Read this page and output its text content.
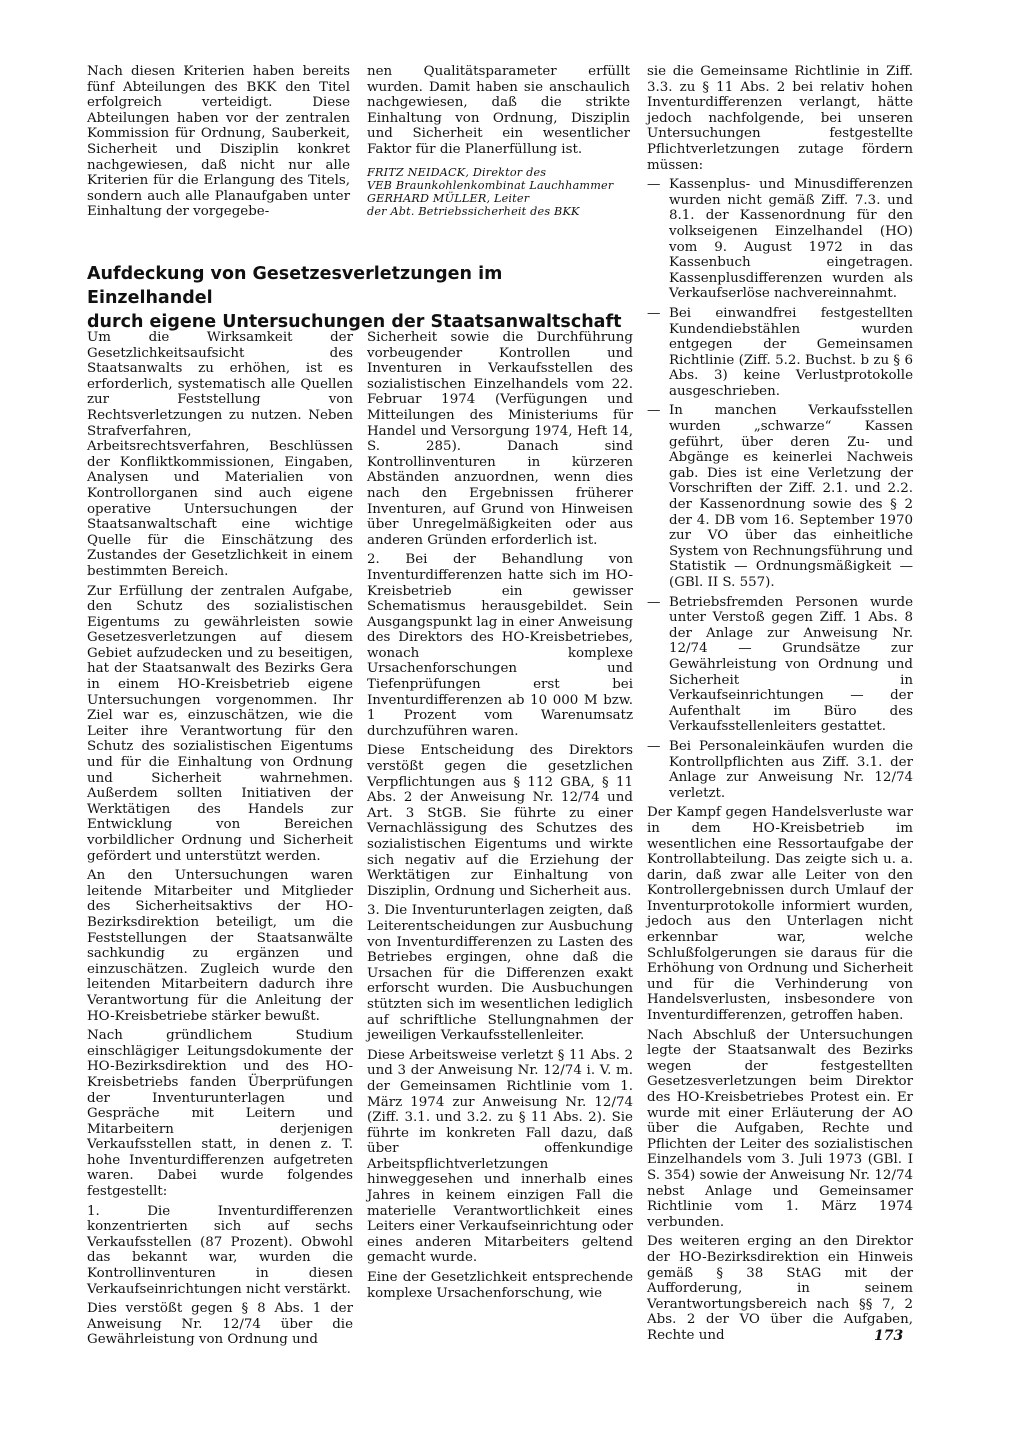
Nach diesen Kriterien haben bereits fünf Abteilungen des BKK den Titel erfolgreich verteidigt. Diese Abteilungen haben vor der zentralen Kommission für Ordnung, Sauberkeit, Sicherheit und Disziplin konkret nachgewiesen, daß nicht nur alle Kriterien für die Erlangung des Titels, sondern auch alle Planaufgaben unter Einhaltung der vorgegebe-

nen Qualitätsparameter erfüllt wurden. Damit haben sie anschaulich nachgewiesen, daß die strikte Einhaltung von Ordnung, Disziplin und Sicherheit ein wesentlicher Faktor für die Planerfüllung ist.

FRITZ NEIDACK, Direktor des
VEB Braunkohlenkombinat Lauchhammer
GERHARD MÜLLER, Leiter
der Abt. Betriebssicherheit des BKK
Aufdeckung von Gesetzesverletzungen im Einzelhandel
durch eigene Untersuchungen der Staatsanwaltschaft

Um die Wirksamkeit der Gesetzlichkeitsaufsicht des Staatsanwalts zu erhöhen, ist es erforderlich, systematisch alle Quellen zur Feststellung von Rechtsverletzungen zu nutzen. Neben Strafverfahren, Arbeitsrechtsverfahren, Beschlüssen der Konfliktkommissionen, Eingaben, Analysen und Materialien von Kontrollorganen sind auch eigene operative Untersuchungen der Staatsanwaltschaft eine wichtige Quelle für die Einschätzung des Zustandes der Gesetzlichkeit in einem bestimmten Bereich.

Zur Erfüllung der zentralen Aufgabe, den Schutz des sozialistischen Eigentums zu gewährleisten sowie Gesetzesverletzungen auf diesem Gebiet aufzudecken und zu beseitigen, hat der Staatsanwalt des Bezirks Gera in einem HO-Kreisbetrieb eigene Untersuchungen vorgenommen. Ihr Ziel war es, einzuschätzen, wie die Leiter ihre Verantwortung für den Schutz des sozialistischen Eigentums und für die Einhaltung von Ordnung und Sicherheit wahrnehmen. Außerdem sollten Initiativen der Werktätigen des Handels zur Entwicklung von Bereichen vorbildlicher Ordnung und Sicherheit gefördert und unterstützt werden.

An den Untersuchungen waren leitende Mitarbeiter und Mitglieder des Sicherheitsaktivs der HO-Bezirksdirektion beteiligt, um die Feststellungen der Staatsanwälte sachkundig zu ergänzen und einzuschätzen. Zugleich wurde den leitenden Mitarbeitern dadurch ihre Verantwortung für die Anleitung der HO-Kreisbetriebe stärker bewußt.

Nach gründlichem Studium einschlägiger Leitungsdokumente der HO-Bezirksdirektion und des HO-Kreisbetriebs fanden Überprüfungen der Inventurunterlagen und Gespräche mit Leitern und Mitarbeitern derjenigen Verkaufsstellen statt, in denen z. T. hohe Inventurdifferenzen aufgetreten waren. Dabei wurde folgendes festgestellt:

1. Die Inventurdifferenzen konzentrierten sich auf sechs Verkaufsstellen (87 Prozent). Obwohl das bekannt war, wurden die Kontrollinventuren in diesen Verkaufseinrichtungen nicht verstärkt.

Dies verstößt gegen § 8 Abs. 1 der Anweisung Nr. 12/74 über die Gewährleistung von Ordnung und

Sicherheit sowie die Durchführung vorbeugender Kontrollen und Inventuren in Verkaufsstellen des sozialistischen Einzelhandels vom 22. Februar 1974 (Verfügungen und Mitteilungen des Ministeriums für Handel und Versorgung 1974, Heft 14, S. 285). Danach sind Kontrollinventuren in kürzeren Abständen anzuordnen, wenn dies nach den Ergebnissen früherer Inventuren, auf Grund von Hinweisen über Unregelmäßigkeiten oder aus anderen Gründen erforderlich ist.

2. Bei der Behandlung von Inventurdifferenzen hatte sich im HO-Kreisbetrieb ein gewisser Schematismus herausgebildet. Sein Ausgangspunkt lag in einer Anweisung des Direktors des HO-Kreisbetriebes, wonach komplexe Ursachenforschungen und Tiefenprüfungen erst bei Inventurdifferenzen ab 10 000 M bzw. 1 Prozent vom Warenumsatz durchzuführen waren.

Diese Entscheidung des Direktors verstößt gegen die gesetzlichen Verpflichtungen aus § 112 GBA, § 11 Abs. 2 der Anweisung Nr. 12/74 und Art. 3 StGB. Sie führte zu einer Vernachlässigung des Schutzes des sozialistischen Eigentums und wirkte sich negativ auf die Erziehung der Werktätigen zur Einhaltung von Disziplin, Ordnung und Sicherheit aus.

3. Die Inventurunterlagen zeigten, daß Leiterentscheidungen zur Ausbuchung von Inventurdifferenzen zu Lasten des Betriebes ergingen, ohne daß die Ursachen für die Differenzen exakt erforscht wurden. Die Ausbuchungen stützten sich im wesentlichen lediglich auf schriftliche Stellungnahmen der jeweiligen Verkaufsstellenleiter.

Diese Arbeitsweise verletzt § 11 Abs. 2 und 3 der Anweisung Nr. 12/74 i. V. m. der Gemeinsamen Richtlinie vom 1. März 1974 zur Anweisung Nr. 12/74 (Ziff. 3.1. und 3.2. zu § 11 Abs. 2). Sie führte im konkreten Fall dazu, daß über offenkundige Arbeitspflichtverletzungen hinweggesehen und innerhalb eines Jahres in keinem einzigen Fall die materielle Verantwortlichkeit eines Leiters einer Verkaufseinrichtung oder eines anderen Mitarbeiters geltend gemacht wurde.

Eine der Gesetzlichkeit entsprechende komplexe Ursachenforschung, wie

sie die Gemeinsame Richtlinie in Ziff. 3.3. zu § 11 Abs. 2 bei relativ hohen Inventurdifferenzen verlangt, hätte jedoch nachfolgende, bei unseren Untersuchungen festgestellte Pflichtverletzungen zutage fördern müssen:

— Kassenplus- und Minusdifferenzen wurden nicht gemäß Ziff. 7.3. und 8.1. der Kassenordnung für den volkseigenen Einzelhandel (HO) vom 9. August 1972 in das Kassenbuch eingetragen. Kassenplusdifferenzen wurden als Verkaufserlöse nachvereinnahmt.
— Bei einwandfrei festgestellten Kundendiebstählen wurden entgegen der Gemeinsamen Richtlinie (Ziff. 5.2. Buchst. b zu § 6 Abs. 3) keine Verlustprotokolle ausgeschrieben.
— In manchen Verkaufsstellen wurden „schwarze“ Kassen geführt, über deren Zu- und Abgänge es keinerlei Nachweis gab. Dies ist eine Verletzung der Vorschriften der Ziff. 2.1. und 2.2. der Kassenordnung sowie des § 2 der 4. DB vom 16. September 1970 zur VO über das einheitliche System von Rechnungsführung und Statistik — Ordnungsmäßigkeit — (GBl. II S. 557).
— Betriebsfremden Personen wurde unter Verstoß gegen Ziff. 1 Abs. 8 der Anlage zur Anweisung Nr. 12/74 — Grundsätze zur Gewährleistung von Ordnung und Sicherheit in Verkaufseinrichtungen — der Aufenthalt im Büro des Verkaufsstellenleiters gestattet.
— Bei Personaleinkäufen wurden die Kontrollpflichten aus Ziff. 3.1. der Anlage zur Anweisung Nr. 12/74 verletzt.

Der Kampf gegen Handelsverluste war in dem HO-Kreisbetrieb im wesentlichen eine Ressortaufgabe der Kontrollabteilung. Das zeigte sich u. a. darin, daß zwar alle Leiter von den Kontrollergebnissen durch Umlauf der Inventurprotokolle informiert wurden, jedoch aus den Unterlagen nicht erkennbar war, welche Schlußfolgerungen sie daraus für die Erhöhung von Ordnung und Sicherheit und für die Verhinderung von Handelsverlusten, insbesondere von Inventurdifferenzen, getroffen haben.

Nach Abschluß der Untersuchungen legte der Staatsanwalt des Bezirks wegen der festgestellten Gesetzesverletzungen beim Direktor des HO-Kreisbetriebes Protest ein. Er wurde mit einer Erläuterung der AO über die Aufgaben, Rechte und Pflichten der Leiter des sozialistischen Einzelhandels vom 3. Juli 1973 (GBl. I S. 354) sowie der Anweisung Nr. 12/74 nebst Anlage und Gemeinsamer Richtlinie vom 1. März 1974 verbunden.

Des weiteren erging an den Direktor der HO-Bezirksdirektion ein Hinweis gemäß § 38 StAG mit der Aufforderung, in seinem Verantwortungsbereich nach §§ 7, 2 Abs. 2 der VO über die Aufgaben, Rechte und	173
